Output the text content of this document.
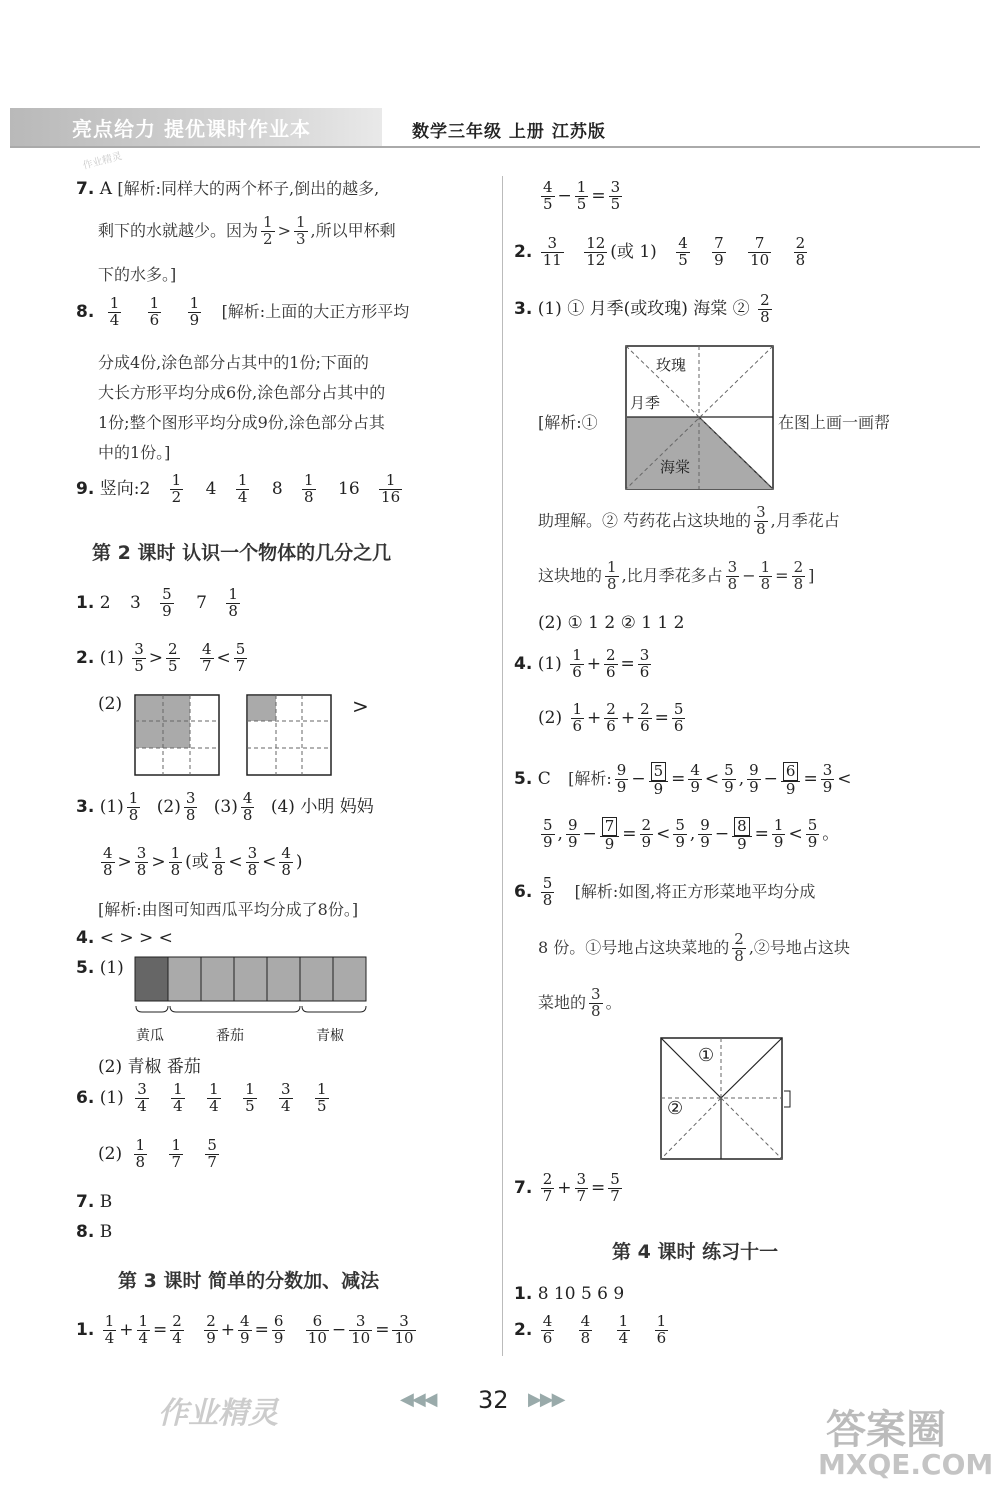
亮点给力 提优课时作业本	数学三年级 上册 江苏版
7. A [解析:同样大的两个杯子,倒出的越多,
剩下的水就越少。因为 $\frac{1}{2} > \frac{1}{3}$ ,所以甲杯剩
下的水多。]
8. $\frac{1}{4}$
$\frac{1}{6}$
$\frac{1}{9}$ [解析:上面的大正方形平均
分成4份,涂色部分占其中的1份;下面的
大长方形平均分成6份,涂色部分占其中的
1份;整个图形平均分成9份,涂色部分占其
中的1份。]
9. 竖向:2 $\frac{1}{2} 4 \frac{1}{4} 8 \frac{1}{8} 16 \frac{1}{16}$
第 2 课时 认识一个物体的几分之几
1. 2 $3 \frac{5}{9} 7 \frac{1}{8}$
2. $(1) \frac{3}{5} > \frac{2}{5}$
$\frac{4}{7} < \frac{5}{7}$
(2)	>
3. $(1) \frac{1}{8} (2) \frac{3}{8} (3) \frac{4}{8} (4)$ 小明 妈妈
$\frac{4}{8} > \frac{3}{8} > \frac{1}{8}$ (或 $\frac{1}{8} < \frac{3}{8} < \frac{4}{8}$ )
[解析:由图可知西瓜平均分成了8份。]
4. < > > <
5. (1)
黄瓜	番茄	青椒
(2) 青椒 番茄
6. $(1) \frac{3}{4}$
$\frac{1}{4}$
$\frac{1}{4}$
$\frac{1}{5}$
$\frac{3}{4}$
$\frac{1}{5}$
$(2) \frac{1}{8}$
$\frac{1}{7}$
$\frac{5}{7}$
7. B
8. B
第 3 课时 简单的分数加、减法
1. $\frac{1}{4} + \frac{1}{4} = \frac{2}{4}$
$\frac{2}{9} + \frac{4}{9} = \frac{6}{9}$
$\frac{6}{10} - \frac{3}{10} = \frac{3}{10}$
$\frac{4}{5} - \frac{1}{5} = \frac{3}{5}$
2. $\frac{3}{11}$
$\frac{12}{12}$ (或 $1) \frac{4}{5}$
$\frac{7}{9}$
$\frac{7}{10}$
$\frac{2}{8}$
3. (1) ① 月季(或玫瑰) 海棠 ② $\frac{2}{8}$
玫瑰
月季
海棠
[解析:①	在图上画一画帮
助理解。② 芍药花占这块地的 $\frac{3}{8}$ ,月季花占
这块地的 $\frac{1}{8}$ ,比月季花多占 $\frac{3}{8} - \frac{1}{8} = \frac{2}{8}$ ]
(2) ① 1 2 ② 1 1 2
4. $(1) \frac{1}{6} + \frac{2}{6} = \frac{3}{6}$
$(2) \frac{1}{6} + \frac{2}{6} + \frac{2}{6} = \frac{5}{6}$
5. C [解析: $\frac{9}{9} - \frac{5}{9} = \frac{4}{9} < \frac{5}{9}$ , $\frac{9}{9} - \frac{6}{9} = \frac{3}{9}$ <
$\frac{5}{9}$ , $\frac{9}{9} - \frac{7}{9} = \frac{2}{9} < \frac{5}{9}$ , $\frac{9}{9} - \frac{8}{9} = \frac{1}{9} < \frac{5}{9}$ 。
6. $\frac{5}{8}$ [解析:如图,将正方形菜地平均分成
8 份。①号地占这块菜地的 $\frac{2}{8}$ ,②号地占这块
菜地的 $\frac{3}{8}$ 。
①
②
7. $\frac{2}{7} + \frac{3}{7} = \frac{5}{7}$
第 4 课时 练习十一
1. 8 10 5 6 9
2. $\frac{4}{6}$
$\frac{4}{8}$
$\frac{1}{4}$
$\frac{1}{6}$
◀◀◀ 32 ▶▶▶
作业精灵
作业精灵	答案圈
MXQE.COM
